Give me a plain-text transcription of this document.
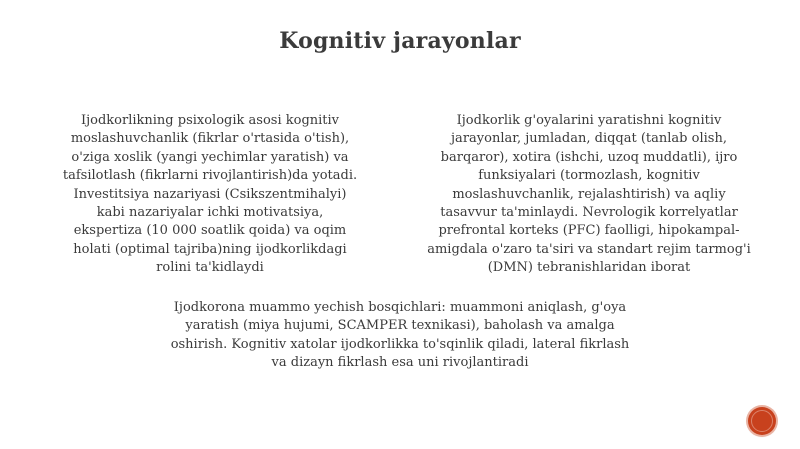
Kognitiv jarayonlar
Ijodkorlikning psixologik asosi kognitiv
moslashuvchanlik (fikrlar o'rtasida o'tish),
o'ziga xoslik (yangi yechimlar yaratish) va
tafsilotlash (fikrlarni rivojlantirish)da yotadi.
Investitsiya nazariyasi (Csikszentmihalyi)
kabi nazariyalar ichki motivatsiya,
ekspertiza (10 000 soatlik qoida) va oqim
holati (optimal tajriba)ning ijodkorlikdagi
rolini ta'kidlaydi
Ijodkorlik g'oyalarini yaratishni kognitiv
jarayonlar, jumladan, diqqat (tanlab olish,
barqaror), xotira (ishchi, uzoq muddatli), ijro
funksiyalari (tormozlash, kognitiv
moslashuvchanlik, rejalashtirish) va aqliy
tasavvur ta'minlaydi. Nevrologik korrelyatlar
prefrontal korteks (PFC) faolligi, hipokampal-
amigdala o'zaro ta'siri va standart rejim tarmog'i
(DMN) tebranishlaridan iborat
Ijodkorona muammo yechish bosqichlari: muammoni aniqlash, g'oya
yaratish (miya hujumi, SCAMPER texnikasi), baholash va amalga
oshirish. Kognitiv xatolar ijodkorlikka to'sqinlik qiladi, lateral fikrlash
va dizayn fikrlash esa uni rivojlantiradi
